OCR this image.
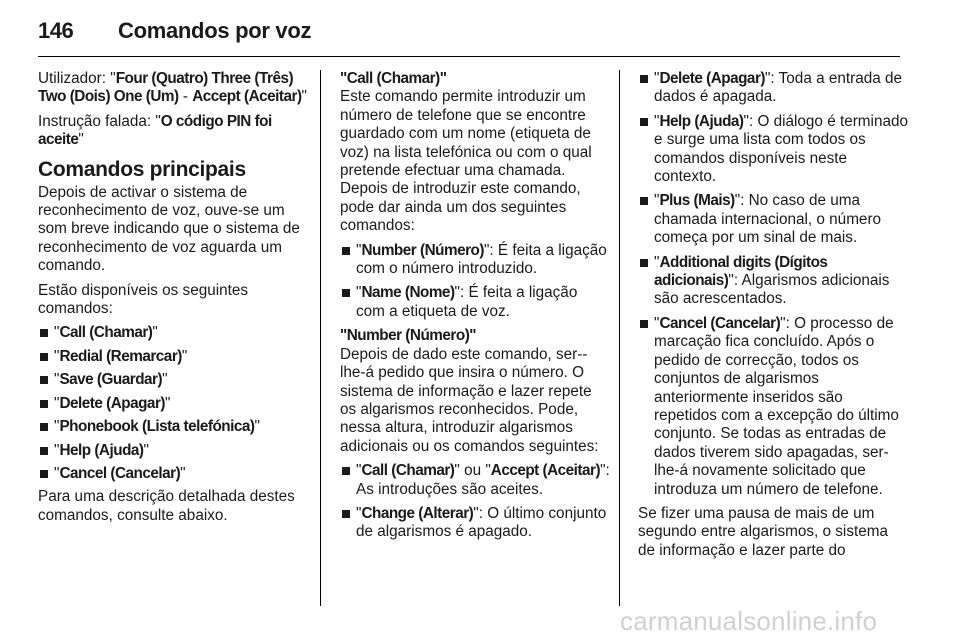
146 Comandos por voz

Utilizador: "Four (Quatro) Three (Três) Two (Dois) One (Um) - Accept (Aceitar)"

Instrução falada: "O código PIN foi aceite"

Comandos principais

Depois de activar o sistema de reconhecimento de voz, ouve-se um som breve indicando que o sistema de reconhecimento de voz aguarda um comando.

Estão disponíveis os seguintes comandos:

"Call (Chamar)"
"Redial (Remarcar)"
"Save (Guardar)"
"Delete (Apagar)"
"Phonebook (Lista telefónica)"
"Help (Ajuda)"
"Cancel (Cancelar)"

Para uma descrição detalhada destes comandos, consulte abaixo.

"Call (Chamar)"

Este comando permite introduzir um número de telefone que se encontre guardado com um nome (etiqueta de voz) na lista telefónica ou com o qual pretende efectuar uma chamada. Depois de introduzir este comando, pode dar ainda um dos seguintes comandos:

"Number (Número)": É feita a ligação com o número introduzido.
"Name (Nome)": É feita a ligação com a etiqueta de voz.
"Number (Número)"

Depois de dado este comando, ser--lhe-á pedido que insira o número. O sistema de informação e lazer repete os algarismos reconhecidos. Pode, nessa altura, introduzir algarismos adicionais ou os comandos seguintes:

"Call (Chamar)" ou "Accept (Aceitar)": As introduções são aceites.
"Change (Alterar)": O último conjunto de algarismos é apagado.
"Delete (Apagar)": Toda a entrada de dados é apagada.
"Help (Ajuda)": O diálogo é terminado e surge uma lista com todos os comandos disponíveis neste contexto.
"Plus (Mais)": No caso de uma chamada internacional, o número começa por um sinal de mais.
"Additional digits (Dígitos adicionais)": Algarismos adicionais são acrescentados.
"Cancel (Cancelar)": O processo de marcação fica concluído. Após o pedido de correcção, todos os conjuntos de algarismos anteriormente inseridos são repetidos com a excepção do último conjunto. Se todas as entradas de dados tiverem sido apagadas, ser-lhe-á novamente solicitado que introduza um número de telefone.

Se fizer uma pausa de mais de um segundo entre algarismos, o sistema de informação e lazer parte do

carmanualsonline.info
